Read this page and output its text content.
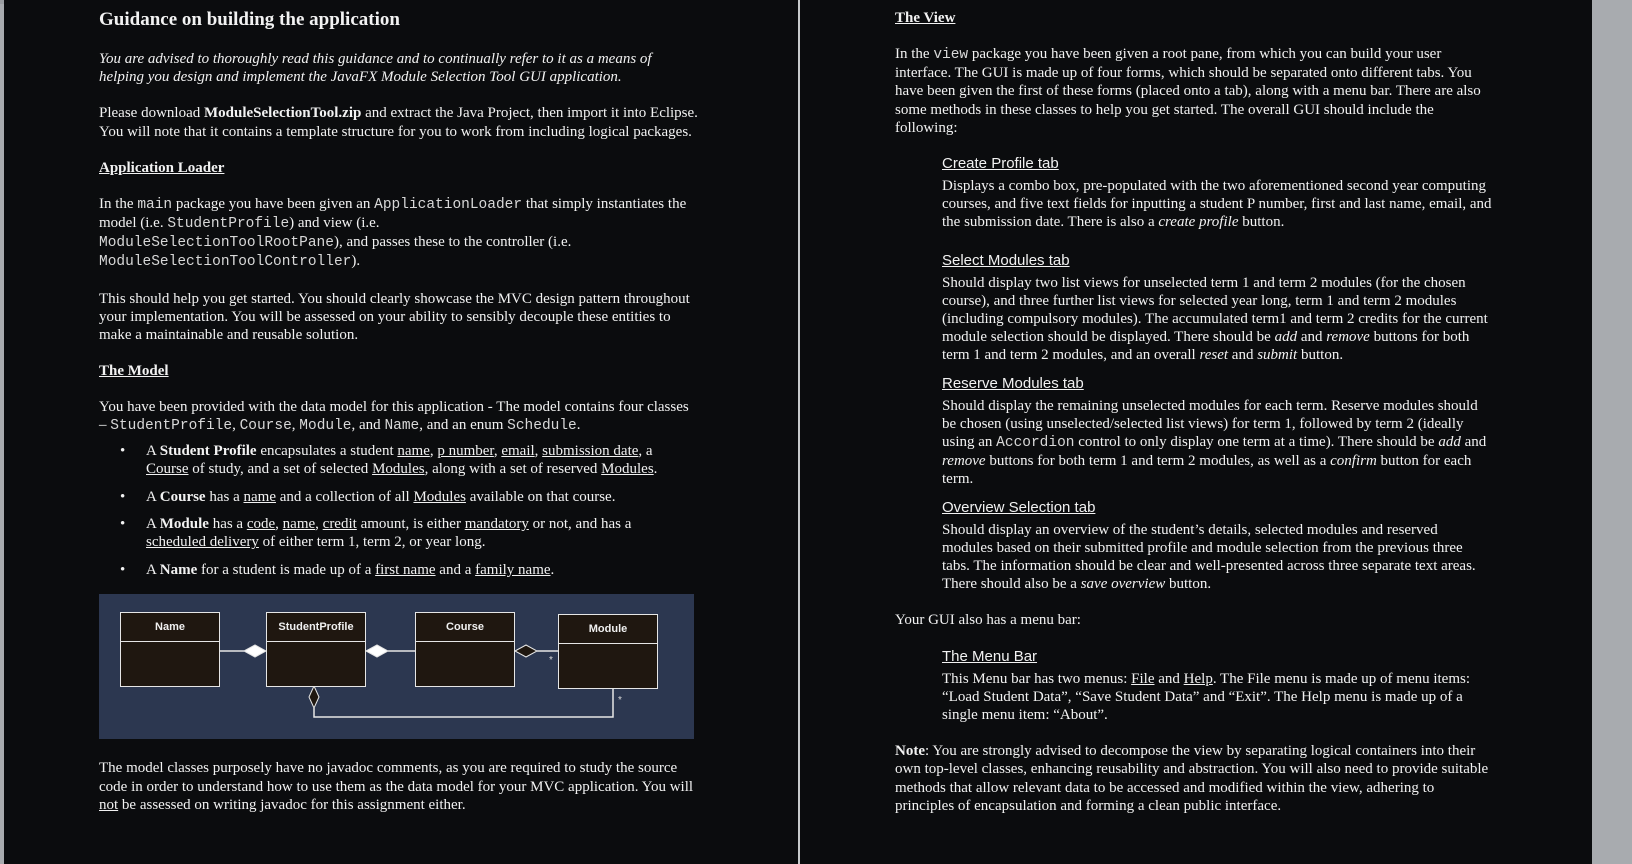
Guidance on building the application

You are advised to thoroughly read this guidance and to continually refer to it as a means of helping you design and implement the JavaFX Module Selection Tool GUI application.

Please download ModuleSelectionTool.zip and extract the Java Project, then import it into Eclipse. You will note that it contains a template structure for you to work from including logical packages.

Application Loader

In the main package you have been given an ApplicationLoader that simply instantiates the model (i.e. StudentProfile) and view (i.e.
ModuleSelectionToolRootPane), and passes these to the controller (i.e.
ModuleSelectionToolController).

This should help you get started. You should clearly showcase the MVC design pattern throughout your implementation. You will be assessed on your ability to sensibly decouple these entities to make a maintainable and reusable solution.

The Model

You have been provided with the data model for this application - The model contains four classes – StudentProfile, Course, Module, and Name, and an enum Schedule.

• A Student Profile encapsulates a student name, p number, email, submission date, a
Course of study, and a set of selected Modules, along with a set of reserved Modules.
• A Course has a name and a collection of all Modules available on that course.
• A Module has a code, name, credit amount, is either mandatory or not, and has a
scheduled delivery of either term 1, term 2, or year long.
• A Name for a student is made up of a first name and a family name.
Name	StudentProfile	Course	Module
*
*

The model classes purposely have no javadoc comments, as you are required to study the source code in order to understand how to use them as the data model for your MVC application. You will not be assessed on writing javadoc for this assignment either.

The View

In the view package you have been given a root pane, from which you can build your user interface. The GUI is made up of four forms, which should be separated onto different tabs. You have been given the first of these forms (placed onto a tab), along with a menu bar. There are also some methods in these classes to help you get started. The overall GUI should include the following:

Create Profile tab

Displays a combo box, pre-populated with the two aforementioned second year computing courses, and five text fields for inputting a student P number, first and last name, email, and the submission date. There is also a create profile button.

Select Modules tab

Should display two list views for unselected term 1 and term 2 modules (for the chosen course), and three further list views for selected year long, term 1 and term 2 modules (including compulsory modules). The accumulated term1 and term 2 credits for the current module selection should be displayed. There should be add and remove buttons for both term 1 and term 2 modules, and an overall reset and submit button.

Reserve Modules tab

Should display the remaining unselected modules for each term. Reserve modules should be chosen (using unselected/selected list views) for term 1, followed by term 2 (ideally using an Accordion control to only display one term at a time). There should be add and remove buttons for both term 1 and term 2 modules, as well as a confirm button for each term.

Overview Selection tab

Should display an overview of the student’s details, selected modules and reserved modules based on their submitted profile and module selection from the previous three tabs. The information should be clear and well-presented across three separate text areas. There should also be a save overview button.

Your GUI also has a menu bar:

The Menu Bar

This Menu bar has two menus: File and Help. The File menu is made up of menu items: “Load Student Data”, “Save Student Data” and “Exit”. The Help menu is made up of a single menu item: “About”.

Note: You are strongly advised to decompose the view by separating logical containers into their own top-level classes, enhancing reusability and abstraction. You will also need to provide suitable methods that allow relevant data to be accessed and modified within the view, adhering to principles of encapsulation and forming a clean public interface.
